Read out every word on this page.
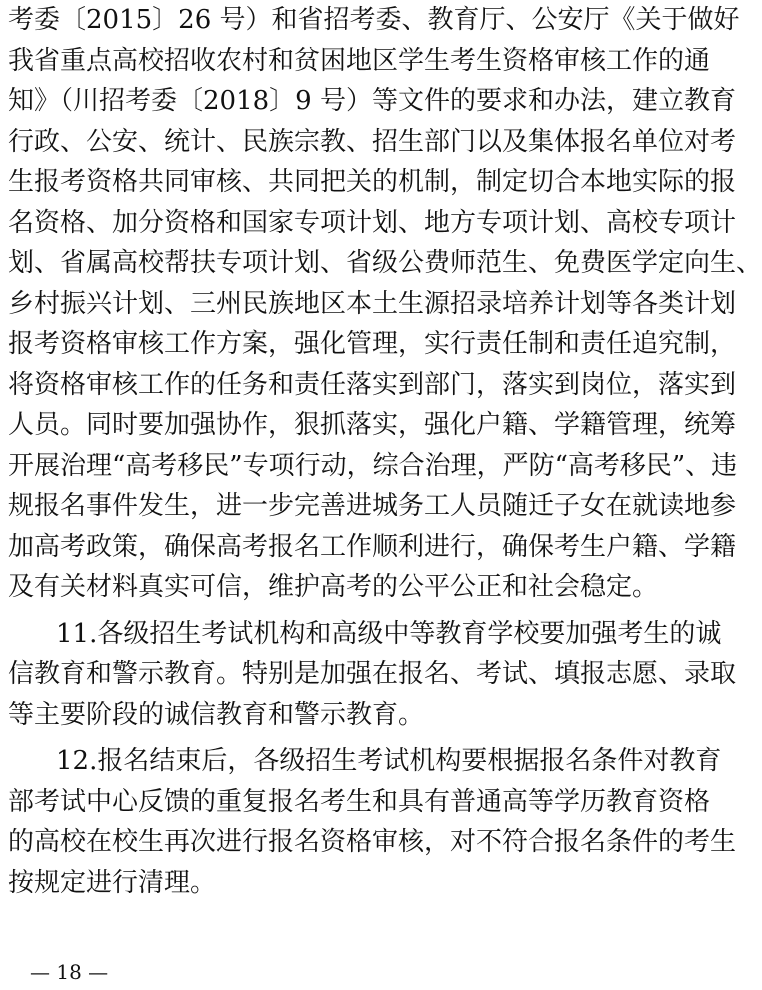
考委〔2015〕26 号）和省招考委、教育厅、公安厅《关于做好
我省重点高校招收农村和贫困地区学生考生资格审核工作的通
知》（川招考委〔2018〕9 号）等文件的要求和办法，建立教育
行政、公安、统计、民族宗教、招生部门以及集体报名单位对考
生报考资格共同审核、共同把关的机制，制定切合本地实际的报
名资格、加分资格和国家专项计划、地方专项计划、高校专项计
划、省属高校帮扶专项计划、省级公费师范生、免费医学定向生、
乡村振兴计划、三州民族地区本土生源招录培养计划等各类计划
报考资格审核工作方案，强化管理，实行责任制和责任追究制，
将资格审核工作的任务和责任落实到部门，落实到岗位，落实到
人员。同时要加强协作，狠抓落实，强化户籍、学籍管理，统筹
开展治理“高考移民”专项行动，综合治理，严防“高考移民”、违
规报名事件发生，进一步完善进城务工人员随迁子女在就读地参
加高考政策，确保高考报名工作顺利进行，确保考生户籍、学籍
及有关材料真实可信，维护高考的公平公正和社会稳定。
11.各级招生考试机构和高级中等教育学校要加强考生的诚
信教育和警示教育。特别是加强在报名、考试、填报志愿、录取
等主要阶段的诚信教育和警示教育。
12.报名结束后，各级招生考试机构要根据报名条件对教育
部考试中心反馈的重复报名考生和具有普通高等学历教育资格
的高校在校生再次进行报名资格审核，对不符合报名条件的考生
按规定进行清理。
— 18 —
